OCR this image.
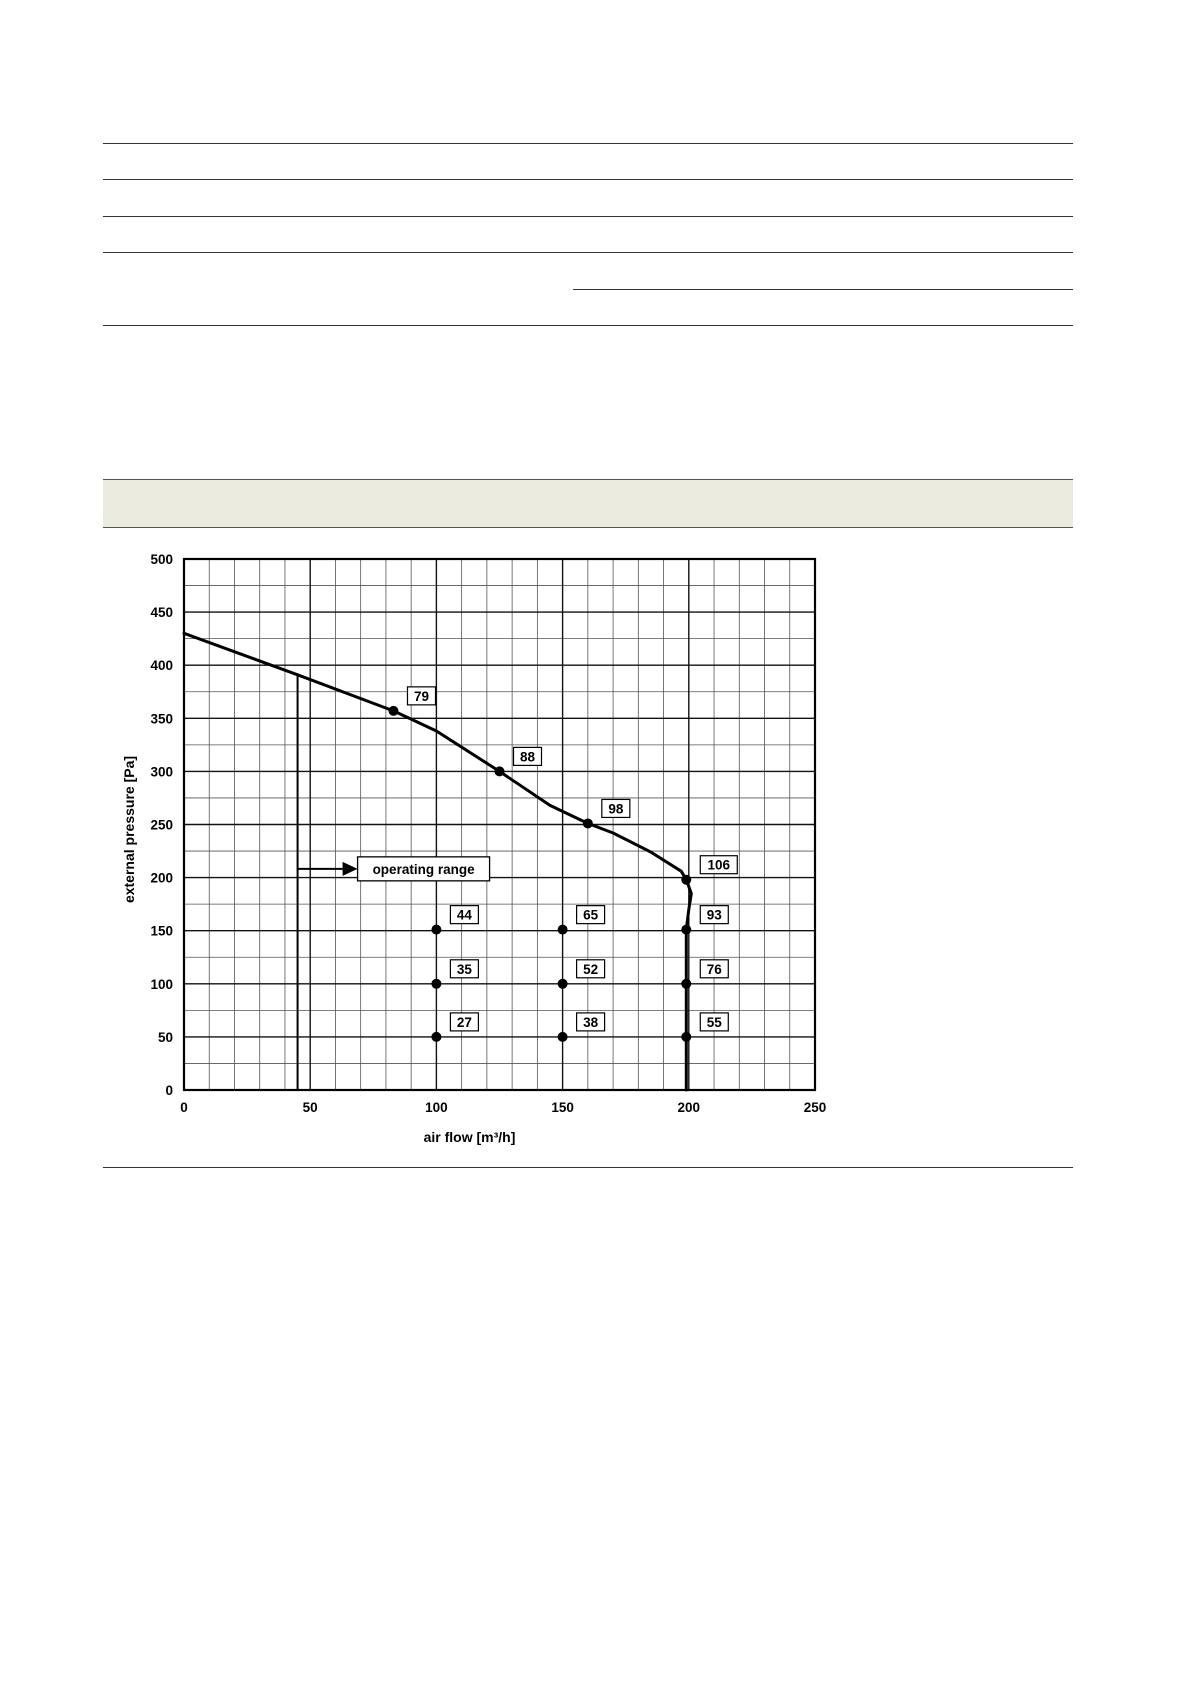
operating range
79
88
98
106
44	65	93
35	52	76
27	38	55
0	50	100	150	200	250
0
50
100
150
200
250
300
350
400
450
500
air flow [m³/h]
external pressure [Pa]
